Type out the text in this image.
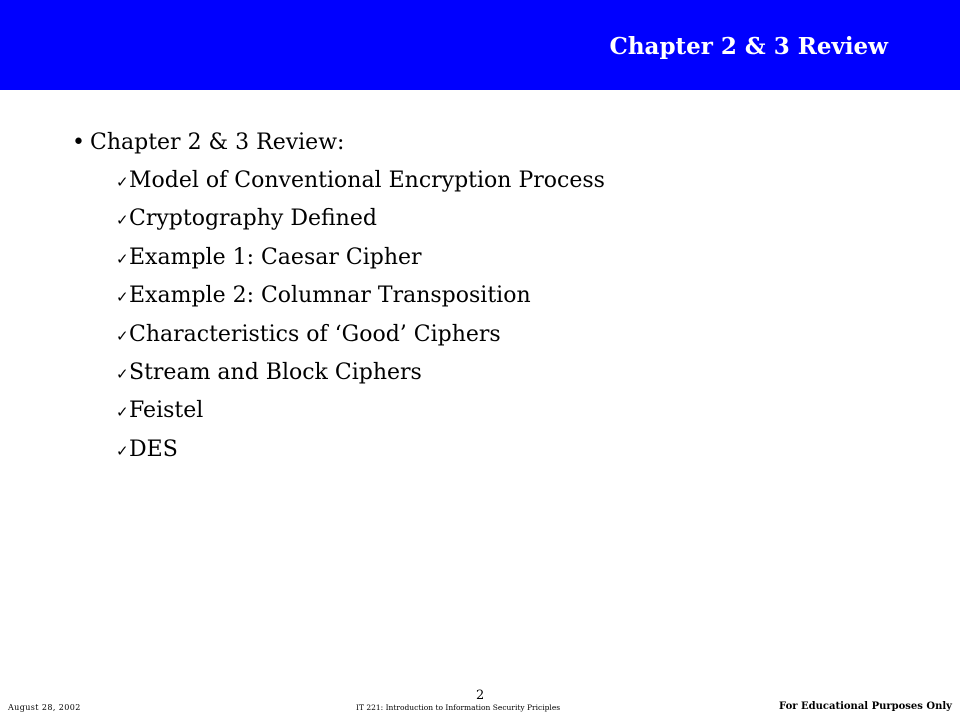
Chapter 2 & 3 Review
• Chapter 2 & 3 Review:
✓ Model of Conventional Encryption Process
✓ Cryptography Defined
✓ Example 1: Caesar Cipher
✓ Example 2: Columnar Transposition
✓ Characteristics of ‘Good’ Ciphers
✓ Stream and Block Ciphers
✓ Feistel
✓ DES
August 28, 2002
2
IT 221: Introduction to Information Security Priciples	For Educational Purposes Only
